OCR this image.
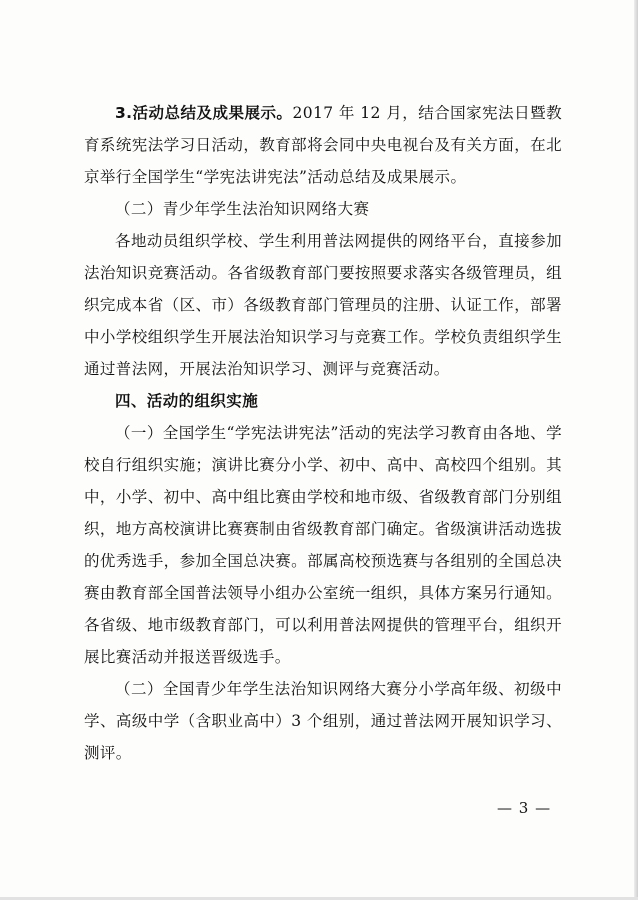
3.活动总结及成果展示。2017 年 12 月，结合国家宪法日暨教育系统宪法学习日活动，教育部将会同中央电视台及有关方面，在北京举行全国学生“学宪法讲宪法”活动总结及成果展示。

（二）青少年学生法治知识网络大赛

各地动员组织学校、学生利用普法网提供的网络平台，直接参加法治知识竞赛活动。各省级教育部门要按照要求落实各级管理员，组织完成本省（区、市）各级教育部门管理员的注册、认证工作，部署中小学校组织学生开展法治知识学习与竞赛工作。学校负责组织学生通过普法网，开展法治知识学习、测评与竞赛活动。

四、活动的组织实施

（一）全国学生“学宪法讲宪法”活动的宪法学习教育由各地、学校自行组织实施；演讲比赛分小学、初中、高中、高校四个组别。其中，小学、初中、高中组比赛由学校和地市级、省级教育部门分别组织，地方高校演讲比赛赛制由省级教育部门确定。省级演讲活动选拔的优秀选手，参加全国总决赛。部属高校预选赛与各组别的全国总决赛由教育部全国普法领导小组办公室统一组织，具体方案另行通知。各省级、地市级教育部门，可以利用普法网提供的管理平台，组织开展比赛活动并报送晋级选手。

（二）全国青少年学生法治知识网络大赛分小学高年级、初级中学、高级中学（含职业高中）3 个组别，通过普法网开展知识学习、测评。

— 3 —
